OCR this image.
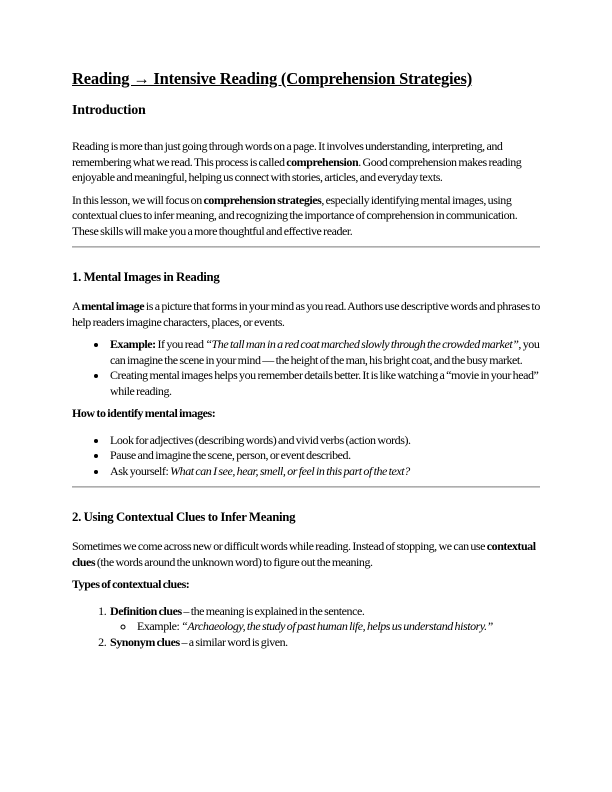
Reading → Intensive Reading (Comprehension Strategies)
Introduction

Reading is more than just going through words on a page. It involves understanding, interpreting, and remembering what we read. This process is called comprehension. Good comprehension makes reading enjoyable and meaningful, helping us connect with stories, articles, and everyday texts.

In this lesson, we will focus on comprehension strategies, especially identifying mental images, using contextual clues to infer meaning, and recognizing the importance of comprehension in communication. These skills will make you a more thoughtful and effective reader.

1. Mental Images in Reading

A mental image is a picture that forms in your mind as you read. Authors use descriptive words and phrases to help readers imagine characters, places, or events.

• Example: If you read “The tall man in a red coat marched slowly through the crowded market”, you can imagine the scene in your mind — the height of the man, his bright coat, and the busy market.
• Creating mental images helps you remember details better. It is like watching a “movie in your head” while reading.

How to identify mental images:

• Look for adjectives (describing words) and vivid verbs (action words).
• Pause and imagine the scene, person, or event described.
• Ask yourself: What can I see, hear, smell, or feel in this part of the text?
2. Using Contextual Clues to Infer Meaning

Sometimes we come across new or difficult words while reading. Instead of stopping, we can use contextual clues (the words around the unknown word) to figure out the meaning.

Types of contextual clues:

1. Definition clues – the meaning is explained in the sentence.
◦ Example: “Archaeology, the study of past human life, helps us understand history.”
2. Synonym clues – a similar word is given.
